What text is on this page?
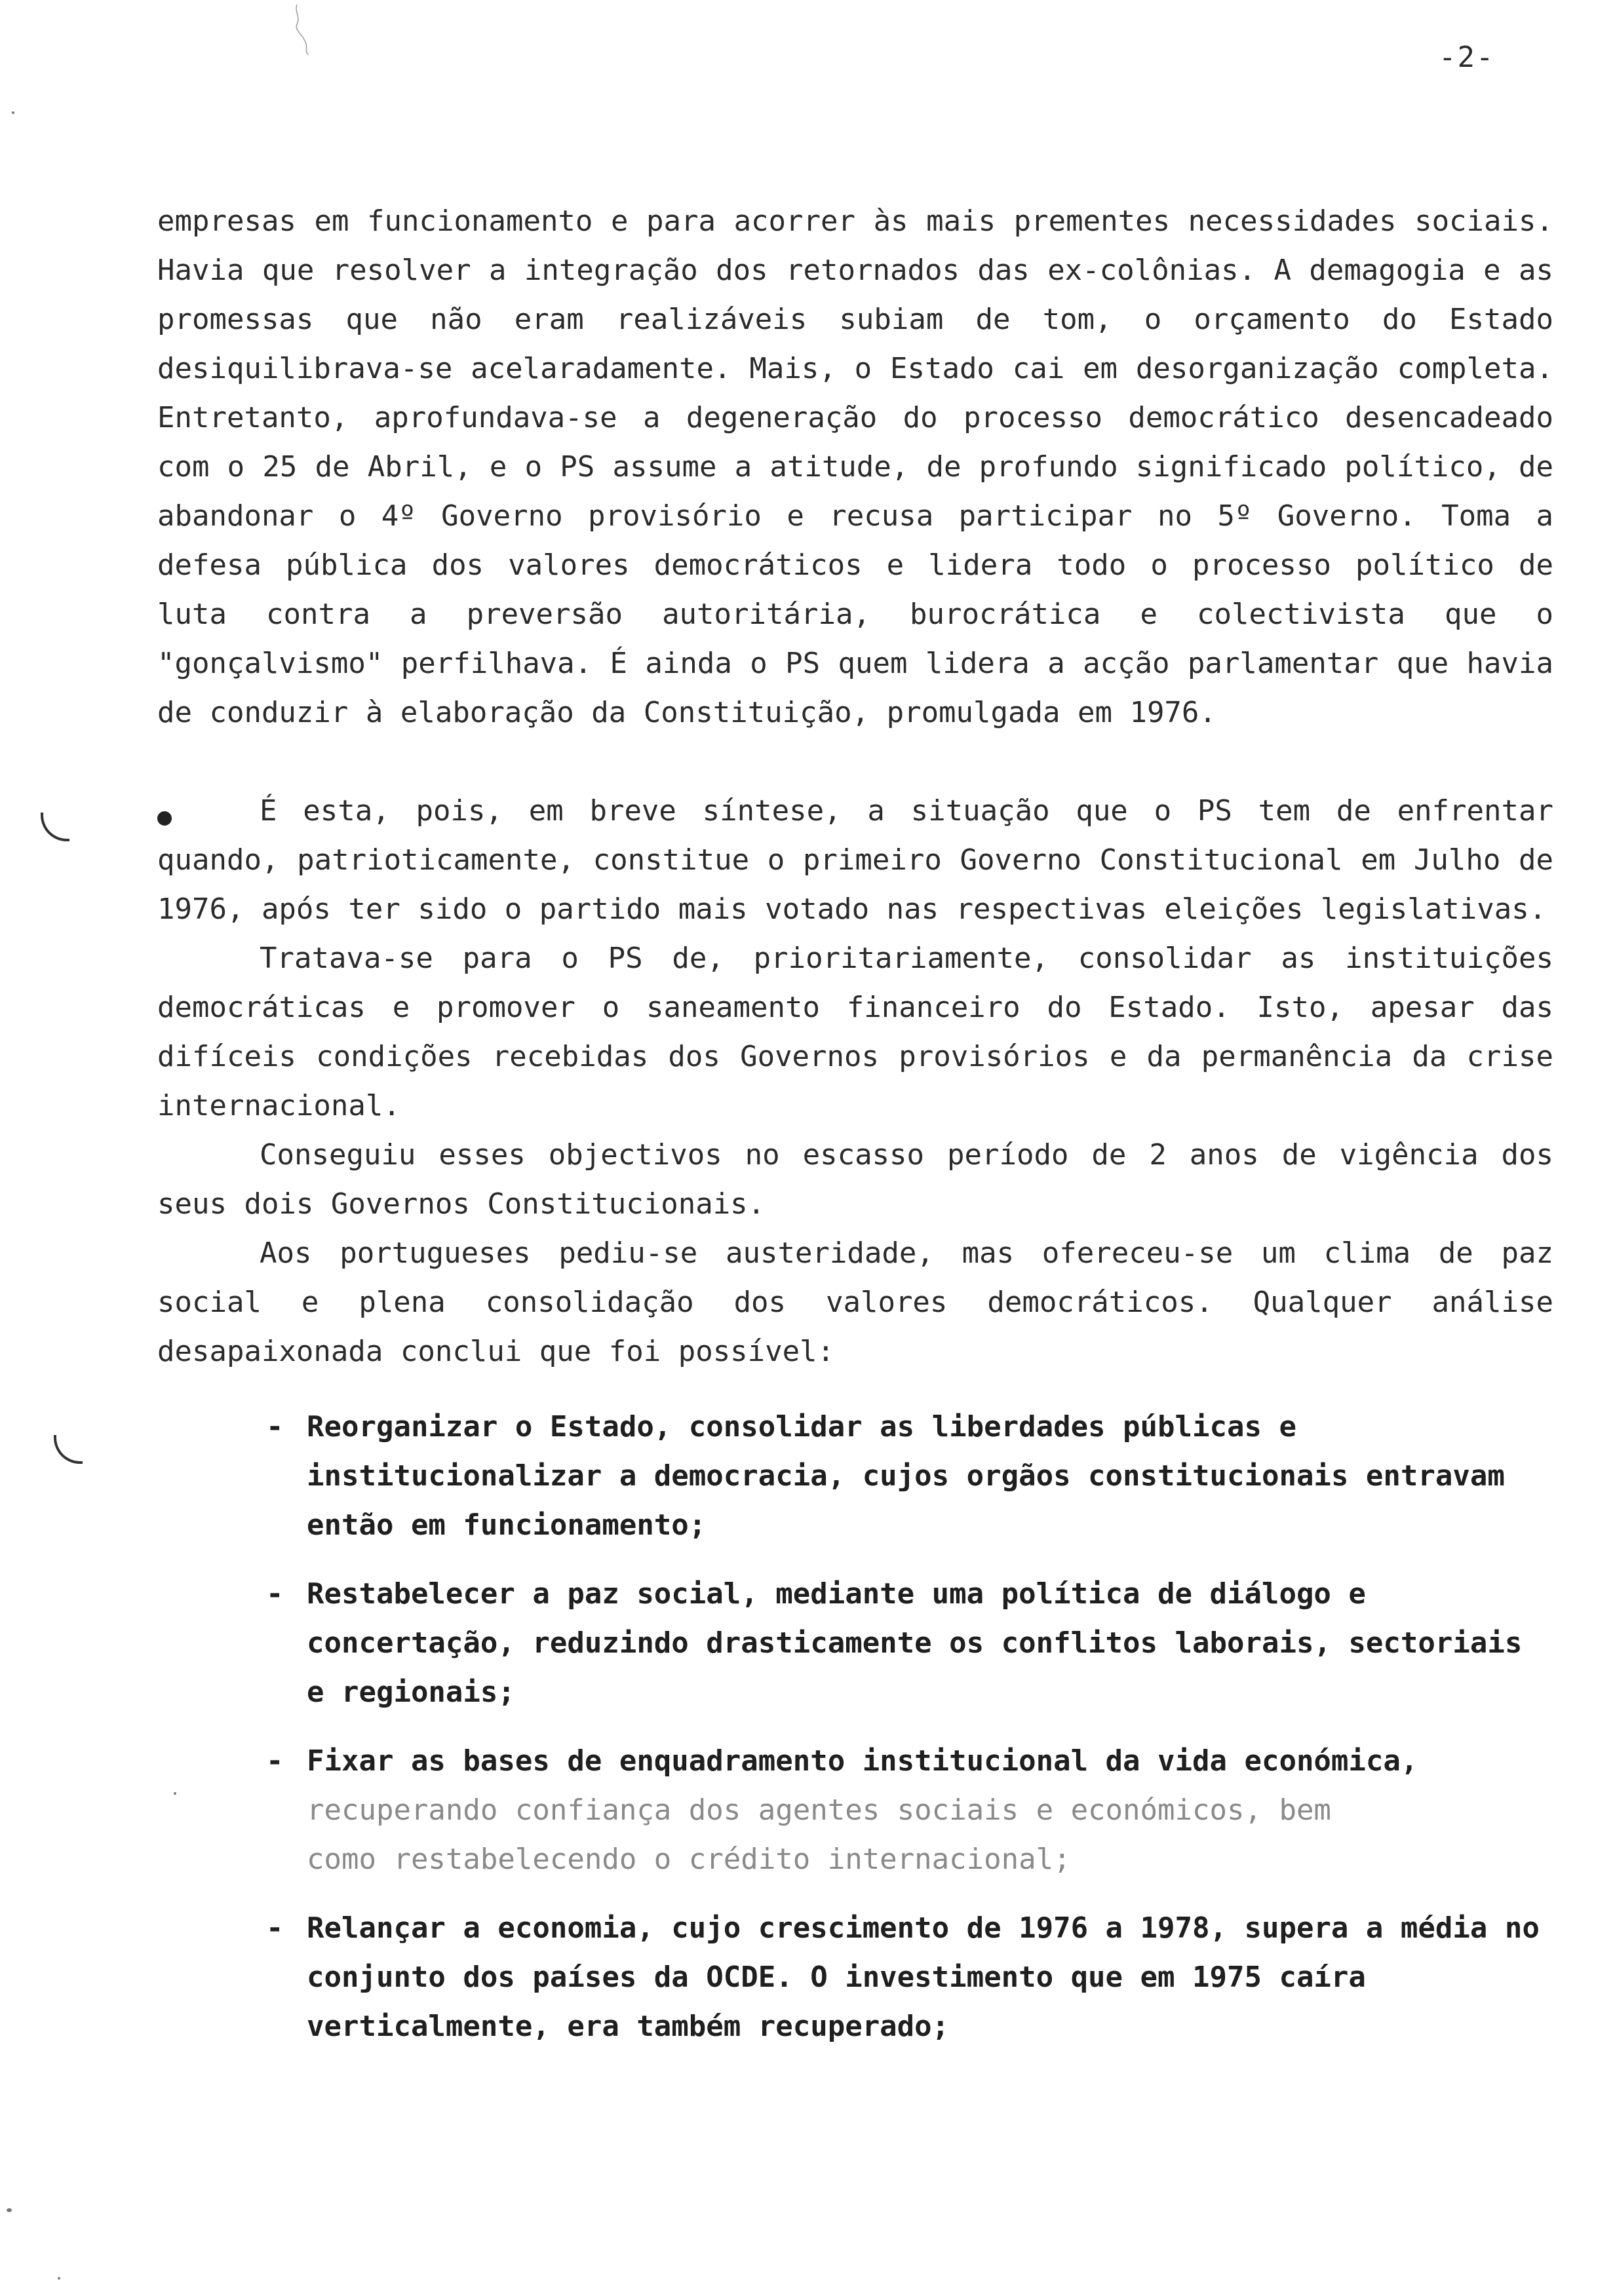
-2-

empresas em funcionamento e para acorrer às mais prementes necessidades sociais. Havia que resolver a integração dos retornados das ex-colônias. A demagogia e as promessas que não eram realizáveis subiam de tom, o orçamento do Estado desiquilibrava-se acelaradamente. Mais, o Estado cai em desorganização completa. Entretanto, aprofundava-se a degeneração do processo democrático desencadeado com o 25 de Abril, e o PS assume a atitude, de profundo significado político, de abandonar o 4º Governo provisório e recusa participar no 5º Governo. Toma a defesa pública dos valores democráticos e lidera todo o processo político de luta contra a preversão autoritária, burocrática e colectivista que o "gonçalvismo" perfilhava. É ainda o PS quem lidera a acção parlamentar que havia de conduzir à elaboração da Constituição, promulgada em 1976.

É esta, pois, em breve síntese, a situação que o PS tem de enfrentar quando, patrioticamente, constitue o primeiro Governo Constitucional em Julho de 1976, após ter sido o partido mais votado nas respectivas eleições legislativas.

Tratava-se para o PS de, prioritariamente, consolidar as instituições democráticas e promover o saneamento financeiro do Estado. Isto, apesar das difíceis condições recebidas dos Governos provisórios e da permanência da crise internacional.

Conseguiu esses objectivos no escasso período de 2 anos de vigência dos seus dois Governos Constitucionais.

Aos portugueses pediu-se austeridade, mas ofereceu-se um clima de paz social e plena consolidação dos valores democráticos. Qualquer análise desapaixonada conclui que foi possível:

- Reorganizar o Estado, consolidar as liberdades públicas e institucionalizar a democracia, cujos orgãos constitucionais entravam então em funcionamento;
- Restabelecer a paz social, mediante uma política de diálogo e concertação, reduzindo drasticamente os conflitos laborais, sectoriais e regionais;
- Fixar as bases de enquadramento institucional da vida económica,
recuperando confiança dos agentes sociais e económicos, bem
como restabelecendo o crédito internacional;
- Relançar a economia, cujo crescimento de 1976 a 1978, supera a média no conjunto dos países da OCDE. O investimento que em 1975 caíra verticalmente, era também recuperado;
